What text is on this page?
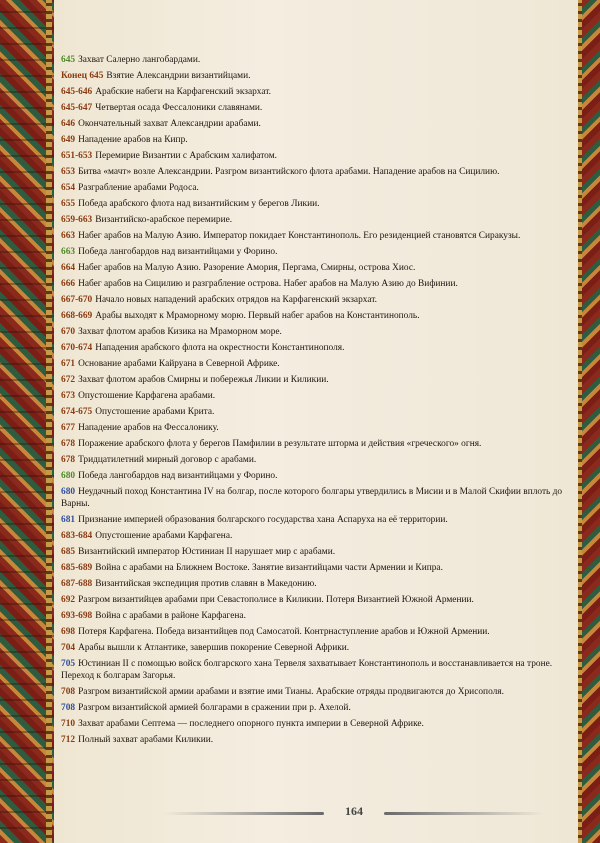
645 Захват Салерно лангобардами.
Конец 645 Взятие Александрии византийцами.
645-646 Арабские набеги на Карфагенский экзархат.
645-647 Четвертая осада Фессалоники славянами.
646 Окончательный захват Александрии арабами.
649 Нападение арабов на Кипр.
651-653 Перемирие Византии с Арабским халифатом.
653 Битва «мачт» возле Александрии. Разгром византийского флота арабами. Нападение арабов на Сицилию.
654 Разграбление арабами Родоса.
655 Победа арабского флота над византийским у берегов Ликии.
659-663 Византийско-арабское перемирие.
663 Набег арабов на Малую Азию. Император покидает Константинополь. Его резиденцией становятся Сиракузы.
663 Победа лангобардов над византийцами у Форино.
664 Набег арабов на Малую Азию. Разорение Амория, Пергама, Смирны, острова Хиос.
666 Набег арабов на Сицилию и разграбление острова. Набег арабов на Малую Азию до Вифинии.
667-670 Начало новых нападений арабских отрядов на Карфагенский экзархат.
668-669 Арабы выходят к Мраморному морю. Первый набег арабов на Константинополь.
670 Захват флотом арабов Кизика на Мраморном море.
670-674 Нападения арабского флота на окрестности Константинополя.
671 Основание арабами Кайруана в Северной Африке.
672 Захват флотом арабов Смирны и побережья Ликии и Киликии.
673 Опустошение Карфагена арабами.
674-675 Опустошение арабами Крита.
677 Нападение арабов на Фессалонику.
678 Поражение арабского флота у берегов Памфилии в результате шторма и действия «греческого» огня.
678 Тридцатилетний мирный договор с арабами.
680 Победа лангобардов над византийцами у Форино.
680 Неудачный поход Константина IV на болгар, после которого болгары утвердились в Мисии и в Малой Скифии вплоть до Варны.
681 Признание империей образования болгарского государства хана Аспаруха на её территории.
683-684 Опустошение арабами Карфагена.
685 Византийский император Юстиниан II нарушает мир с арабами.
685-689 Война с арабами на Ближнем Востоке. Занятие византийцами части Армении и Кипра.
687-688 Византийская экспедиция против славян в Македонию.
692 Разгром византийцев арабами при Севастополисе в Киликии. Потеря Византией Южной Армении.
693-698 Война с арабами в районе Карфагена.
698 Потеря Карфагена. Победа византийцев под Самосатой. Контрнаступление арабов и Южной Армении.
704 Арабы вышли к Атлантике, завершив покорение Северной Африки.
705 Юстиниан II с помощью войск болгарского хана Тервеля захватывает Константинополь и восстанавливается на троне. Переход к болгарам Загорья.
708 Разгром византийской армии арабами и взятие ими Тианы. Арабские отряды продвигаются до Хрисополя.
708 Разгром византийской армией болгарами в сражении при р. Ахелой.
710 Захват арабами Септема — последнего опорного пункта империи в Северной Африке.
712 Полный захват арабами Киликии.
164
